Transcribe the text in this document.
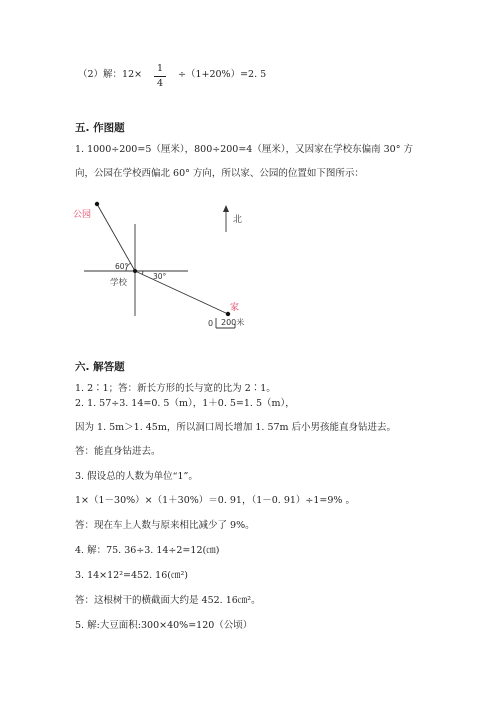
（2）解：12×
1
4
÷（1+20%）=2. 5
五. 作图题
1. 1000÷200=5（厘米），800÷200=4（厘米），又因家在学校东偏南 30° 方
向，公园在学校西偏北 60° 方向，所以家、公园的位置如下图所示：
公园
60°
30°
学校
家
北
0 200米
六. 解答题
1. 2∶1；答：新长方形的长与宽的比为 2∶1。
2. 1. 57÷3. 14=0. 5（m），1＋0. 5=1. 5（m），
因为 1. 5m＞1. 45m，所以洞口周长增加 1. 57m 后小男孩能直身钻进去。
答：能直身钻进去。
3. 假设总的人数为单位“1”。
1×（1－30%）×（1＋30%）＝0. 91，（1－0. 91）÷1=9% 。
答：现在车上人数与原来相比减少了 9%。
4. 解：75. 36÷3. 14÷2=12(㎝)
3. 14×12²=452. 16(㎝²)
答：这根树干的横截面大约是 452. 16㎝²。
5. 解:大豆面积:300×40%=120（公顷）
